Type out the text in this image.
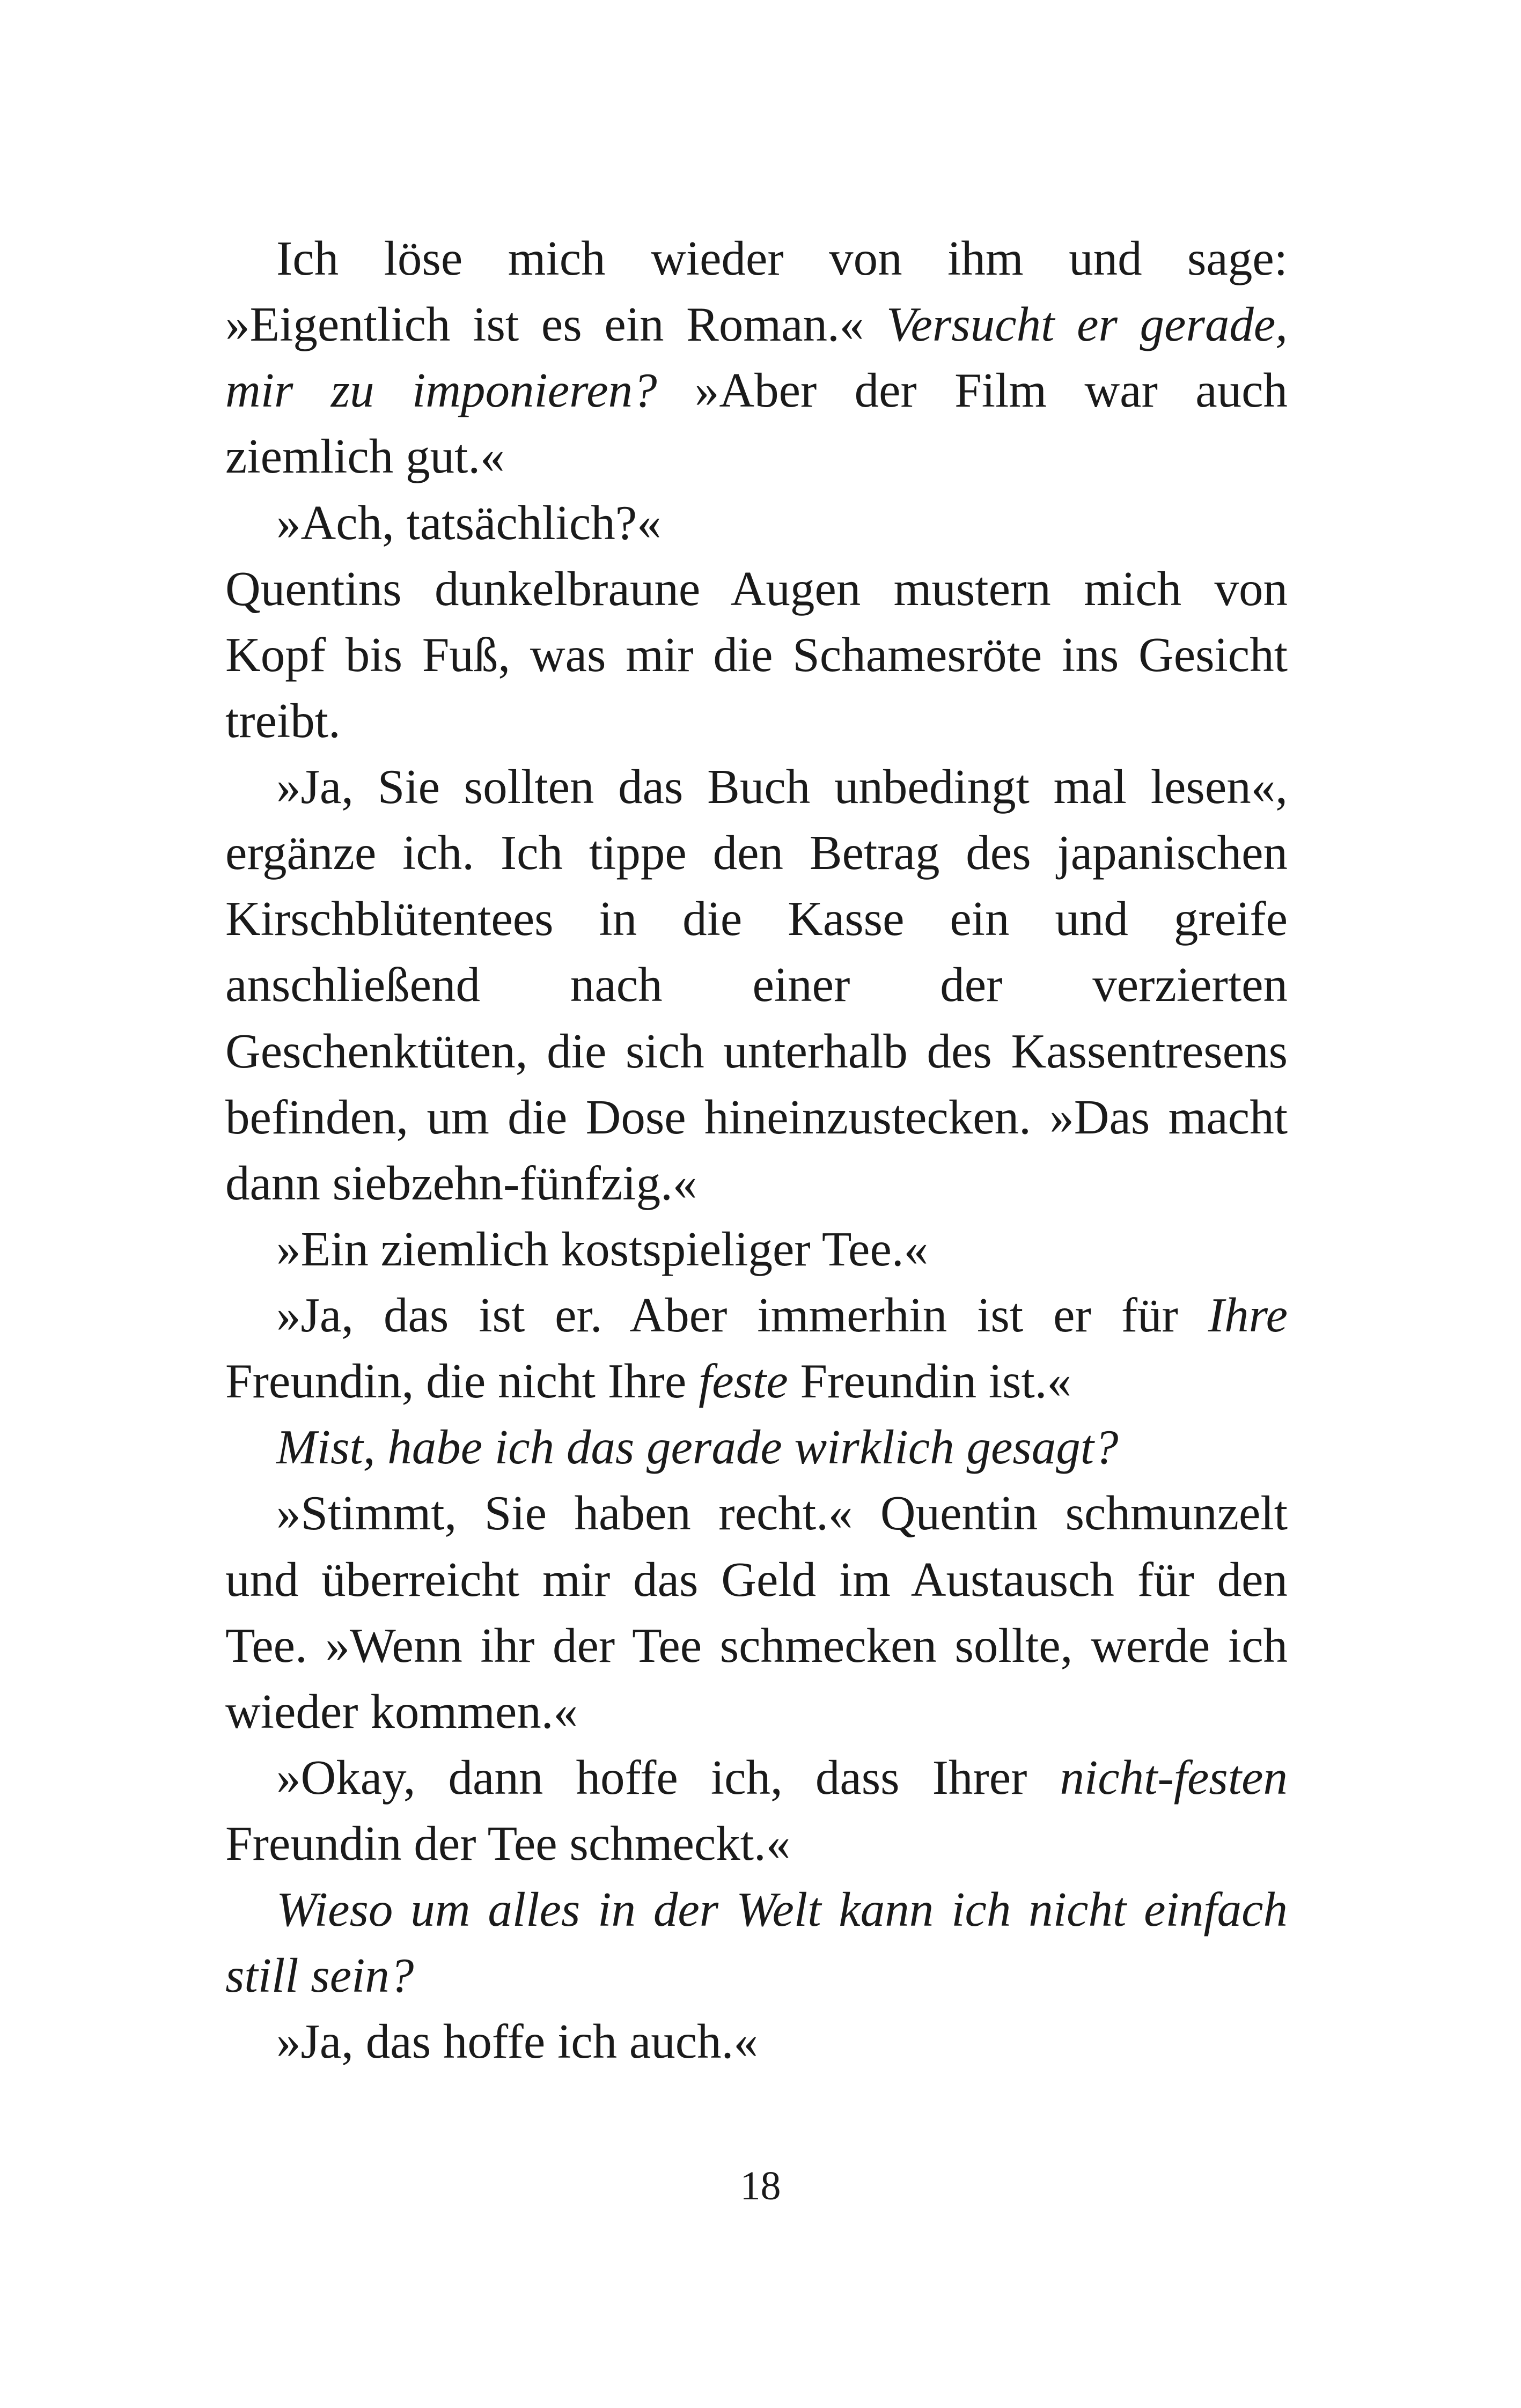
Ich löse mich wieder von ihm und sage: »Eigentlich ist es ein Roman.« Versucht er gerade, mir zu imponieren? »Aber der Film war auch ziemlich gut.«

»Ach, tatsächlich?«

Quentins dunkelbraune Augen mustern mich von Kopf bis Fuß, was mir die Schamesröte ins Gesicht treibt.

»Ja, Sie sollten das Buch unbedingt mal lesen«, ergänze ich. Ich tippe den Betrag des japanischen Kirschblütentees in die Kasse ein und greife anschließend nach einer der verzierten Geschenktüten, die sich unterhalb des Kassentresens befinden, um die Dose hineinzustecken. »Das macht dann siebzehn-fünfzig.«

»Ein ziemlich kostspieliger Tee.«

»Ja, das ist er. Aber immerhin ist er für Ihre Freundin, die nicht Ihre feste Freundin ist.«

Mist, habe ich das gerade wirklich gesagt?

»Stimmt, Sie haben recht.« Quentin schmunzelt und überreicht mir das Geld im Austausch für den Tee. »Wenn ihr der Tee schmecken sollte, werde ich wieder kommen.«

»Okay, dann hoffe ich, dass Ihrer nicht-festen Freundin der Tee schmeckt.«

Wieso um alles in der Welt kann ich nicht einfach still sein?

»Ja, das hoffe ich auch.«

18
